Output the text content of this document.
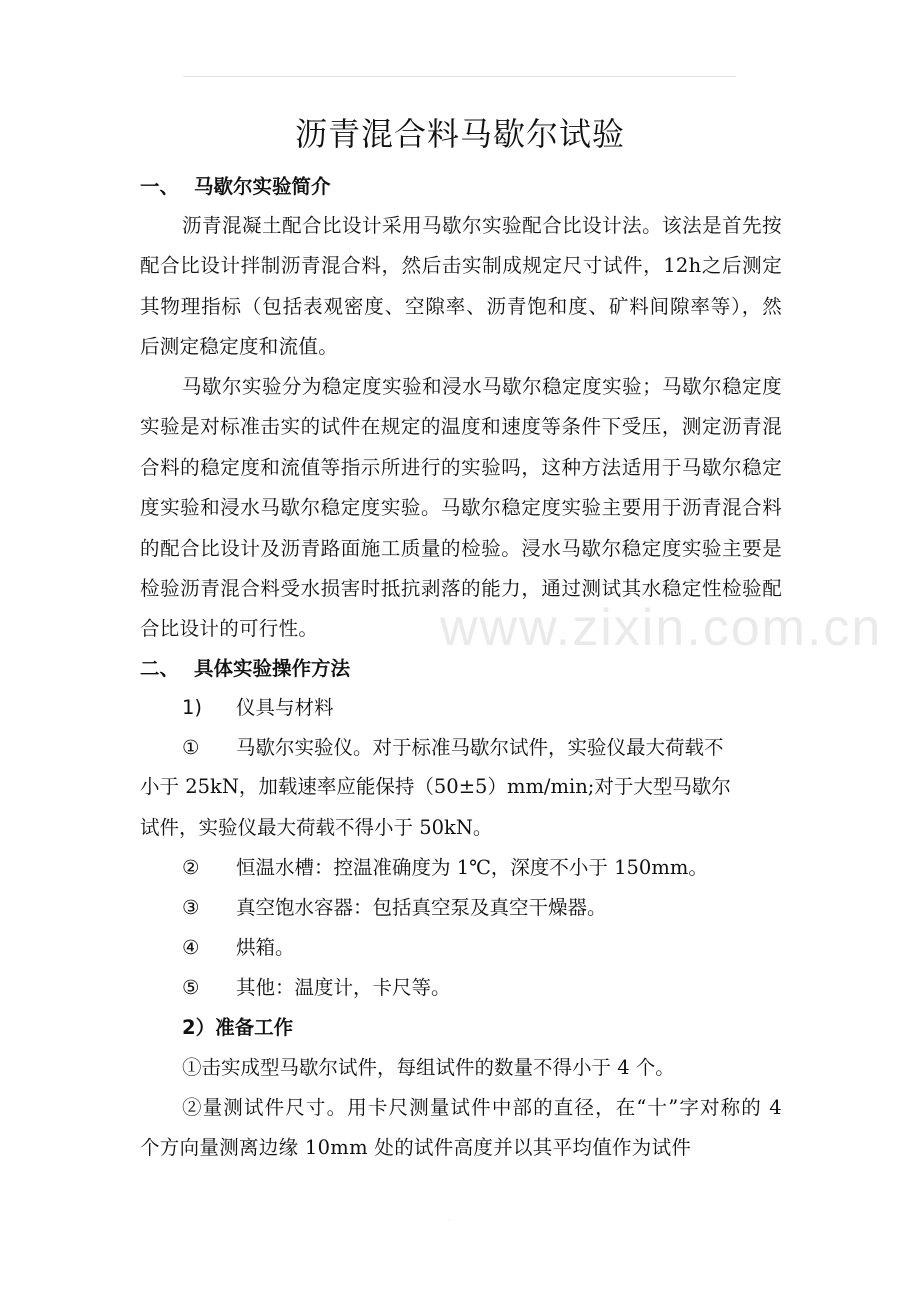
沥青混合料马歇尔试验
一、 马歇尔实验简介

沥青混凝土配合比设计采用马歇尔实验配合比设计法。该法是首先按配合比设计拌制沥青混合料，然后击实制成规定尺寸试件，12h之后测定其物理指标（包括表观密度、空隙率、沥青饱和度、矿料间隙率等），然后测定稳定度和流值。

马歇尔实验分为稳定度实验和浸水马歇尔稳定度实验；马歇尔稳定度实验是对标准击实的试件在规定的温度和速度等条件下受压，测定沥青混合料的稳定度和流值等指示所进行的实验吗，这种方法适用于马歇尔稳定度实验和浸水马歇尔稳定度实验。马歇尔稳定度实验主要用于沥青混合料的配合比设计及沥青路面施工质量的检验。浸水马歇尔稳定度实验主要是检验沥青混合料受水损害时抵抗剥落的能力，通过测试其水稳定性检验配合比设计的可行性。

二、 具体实验操作方法
1) 仪具与材料
① 马歇尔实验仪。对于标准马歇尔试件，实验仪最大荷载不

小于 25kN，加载速率应能保持（50±5）mm/min;对于大型马歇尔

试件，实验仪最大荷载不得小于 50kN。

② 恒温水槽：控温准确度为 1℃，深度不小于 150mm。
③ 真空饱水容器：包括真空泵及真空干燥器。
④ 烘箱。
⑤ 其他：温度计，卡尺等。
2）准备工作
①击实成型马歇尔试件，每组试件的数量不得小于 4 个。

②量测试件尺寸。用卡尺测量试件中部的直径，在“十”字对称的 4 个方向量测离边缘 10mm 处的试件高度并以其平均值作为试件

www.zixin.com.cn
·
